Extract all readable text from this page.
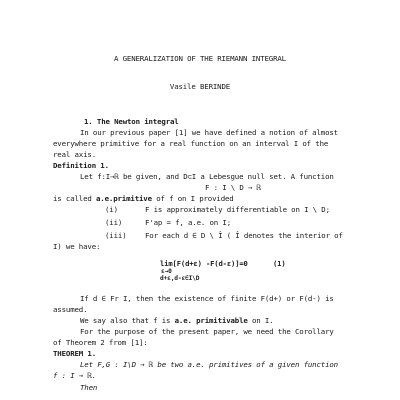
A GENERALIZATION OF THE RIEMANN INTEGRAL
Vasile BERINDE
1. The Newton integral
In our previous paper [1] we have defined a notion of almost
everywhere primitive for a real function on an interval I of the
real axis.
Definition 1.
Let f:I→ℝ be given, and D⊂I a Lebesgue null set. A function
F : I \ D → ℝ
is called a.e.primitive of f on I provided
(i)	F is approximately differentiable on I \ D;
(ii)	F'ap = f, a.e. on I;
(iii)	For each d ∈ D \ Î ( Î denotes the interior of
I) we have:
lim[F(d+ε) -F(d-ε)]=0	(1)
ε→0
d+ε,d-ε∈I\D
If d ∈ Fr I, then the existence of finite F(d+) or F(d-) is
assumed.
We say also that f is a.e. primitivable on I.
For the purpose of the present paper, we need the Corollary
of Theorem 2 from [1]:
THEOREM 1.
Let F,G : I\D → ℝ be two a.e. primitives of a given function
f : I → ℝ.
Then
